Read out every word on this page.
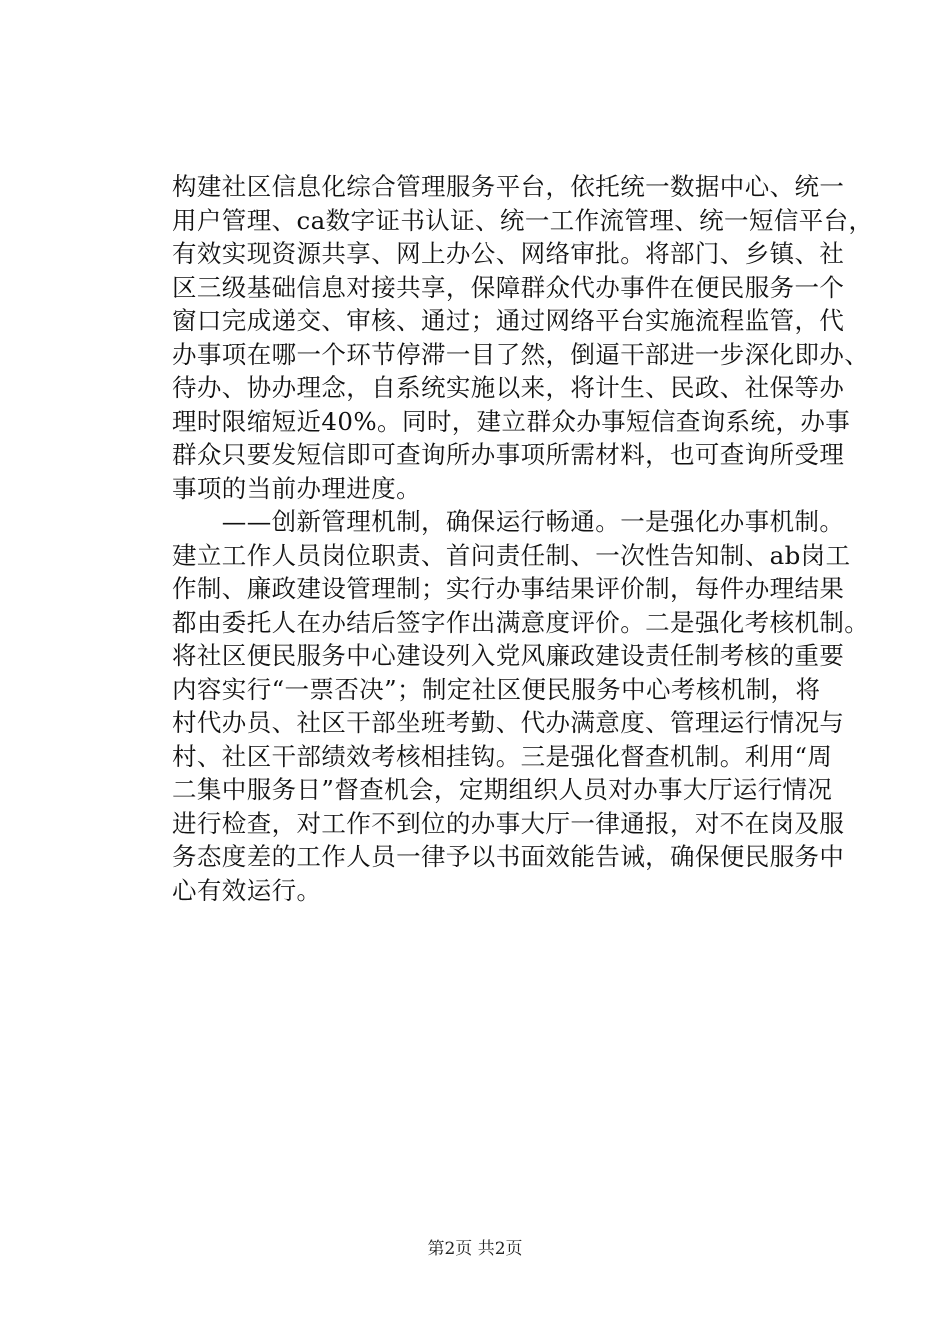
构建社区信息化综合管理服务平台，依托统一数据中心、统一
用户管理、ca数字证书认证、统一工作流管理、统一短信平台，
有效实现资源共享、网上办公、网络审批。将部门、乡镇、社
区三级基础信息对接共享，保障群众代办事件在便民服务一个
窗口完成递交、审核、通过；通过网络平台实施流程监管，代
办事项在哪一个环节停滞一目了然，倒逼干部进一步深化即办、
待办、协办理念，自系统实施以来，将计生、民政、社保等办
理时限缩短近40%。同时，建立群众办事短信查询系统，办事
群众只要发短信即可查询所办事项所需材料，也可查询所受理
事项的当前办理进度。
　　——创新管理机制，确保运行畅通。一是强化办事机制。
建立工作人员岗位职责、首问责任制、一次性告知制、ab岗工
作制、廉政建设管理制；实行办事结果评价制，每件办理结果
都由委托人在办结后签字作出满意度评价。二是强化考核机制。
将社区便民服务中心建设列入党风廉政建设责任制考核的重要
内容实行“一票否决”；制定社区便民服务中心考核机制，将
村代办员、社区干部坐班考勤、代办满意度、管理运行情况与
村、社区干部绩效考核相挂钩。三是强化督查机制。利用“周
二集中服务日”督查机会，定期组织人员对办事大厅运行情况
进行检查，对工作不到位的办事大厅一律通报，对不在岗及服
务态度差的工作人员一律予以书面效能告诫，确保便民服务中
心有效运行。
第2页 共2页
